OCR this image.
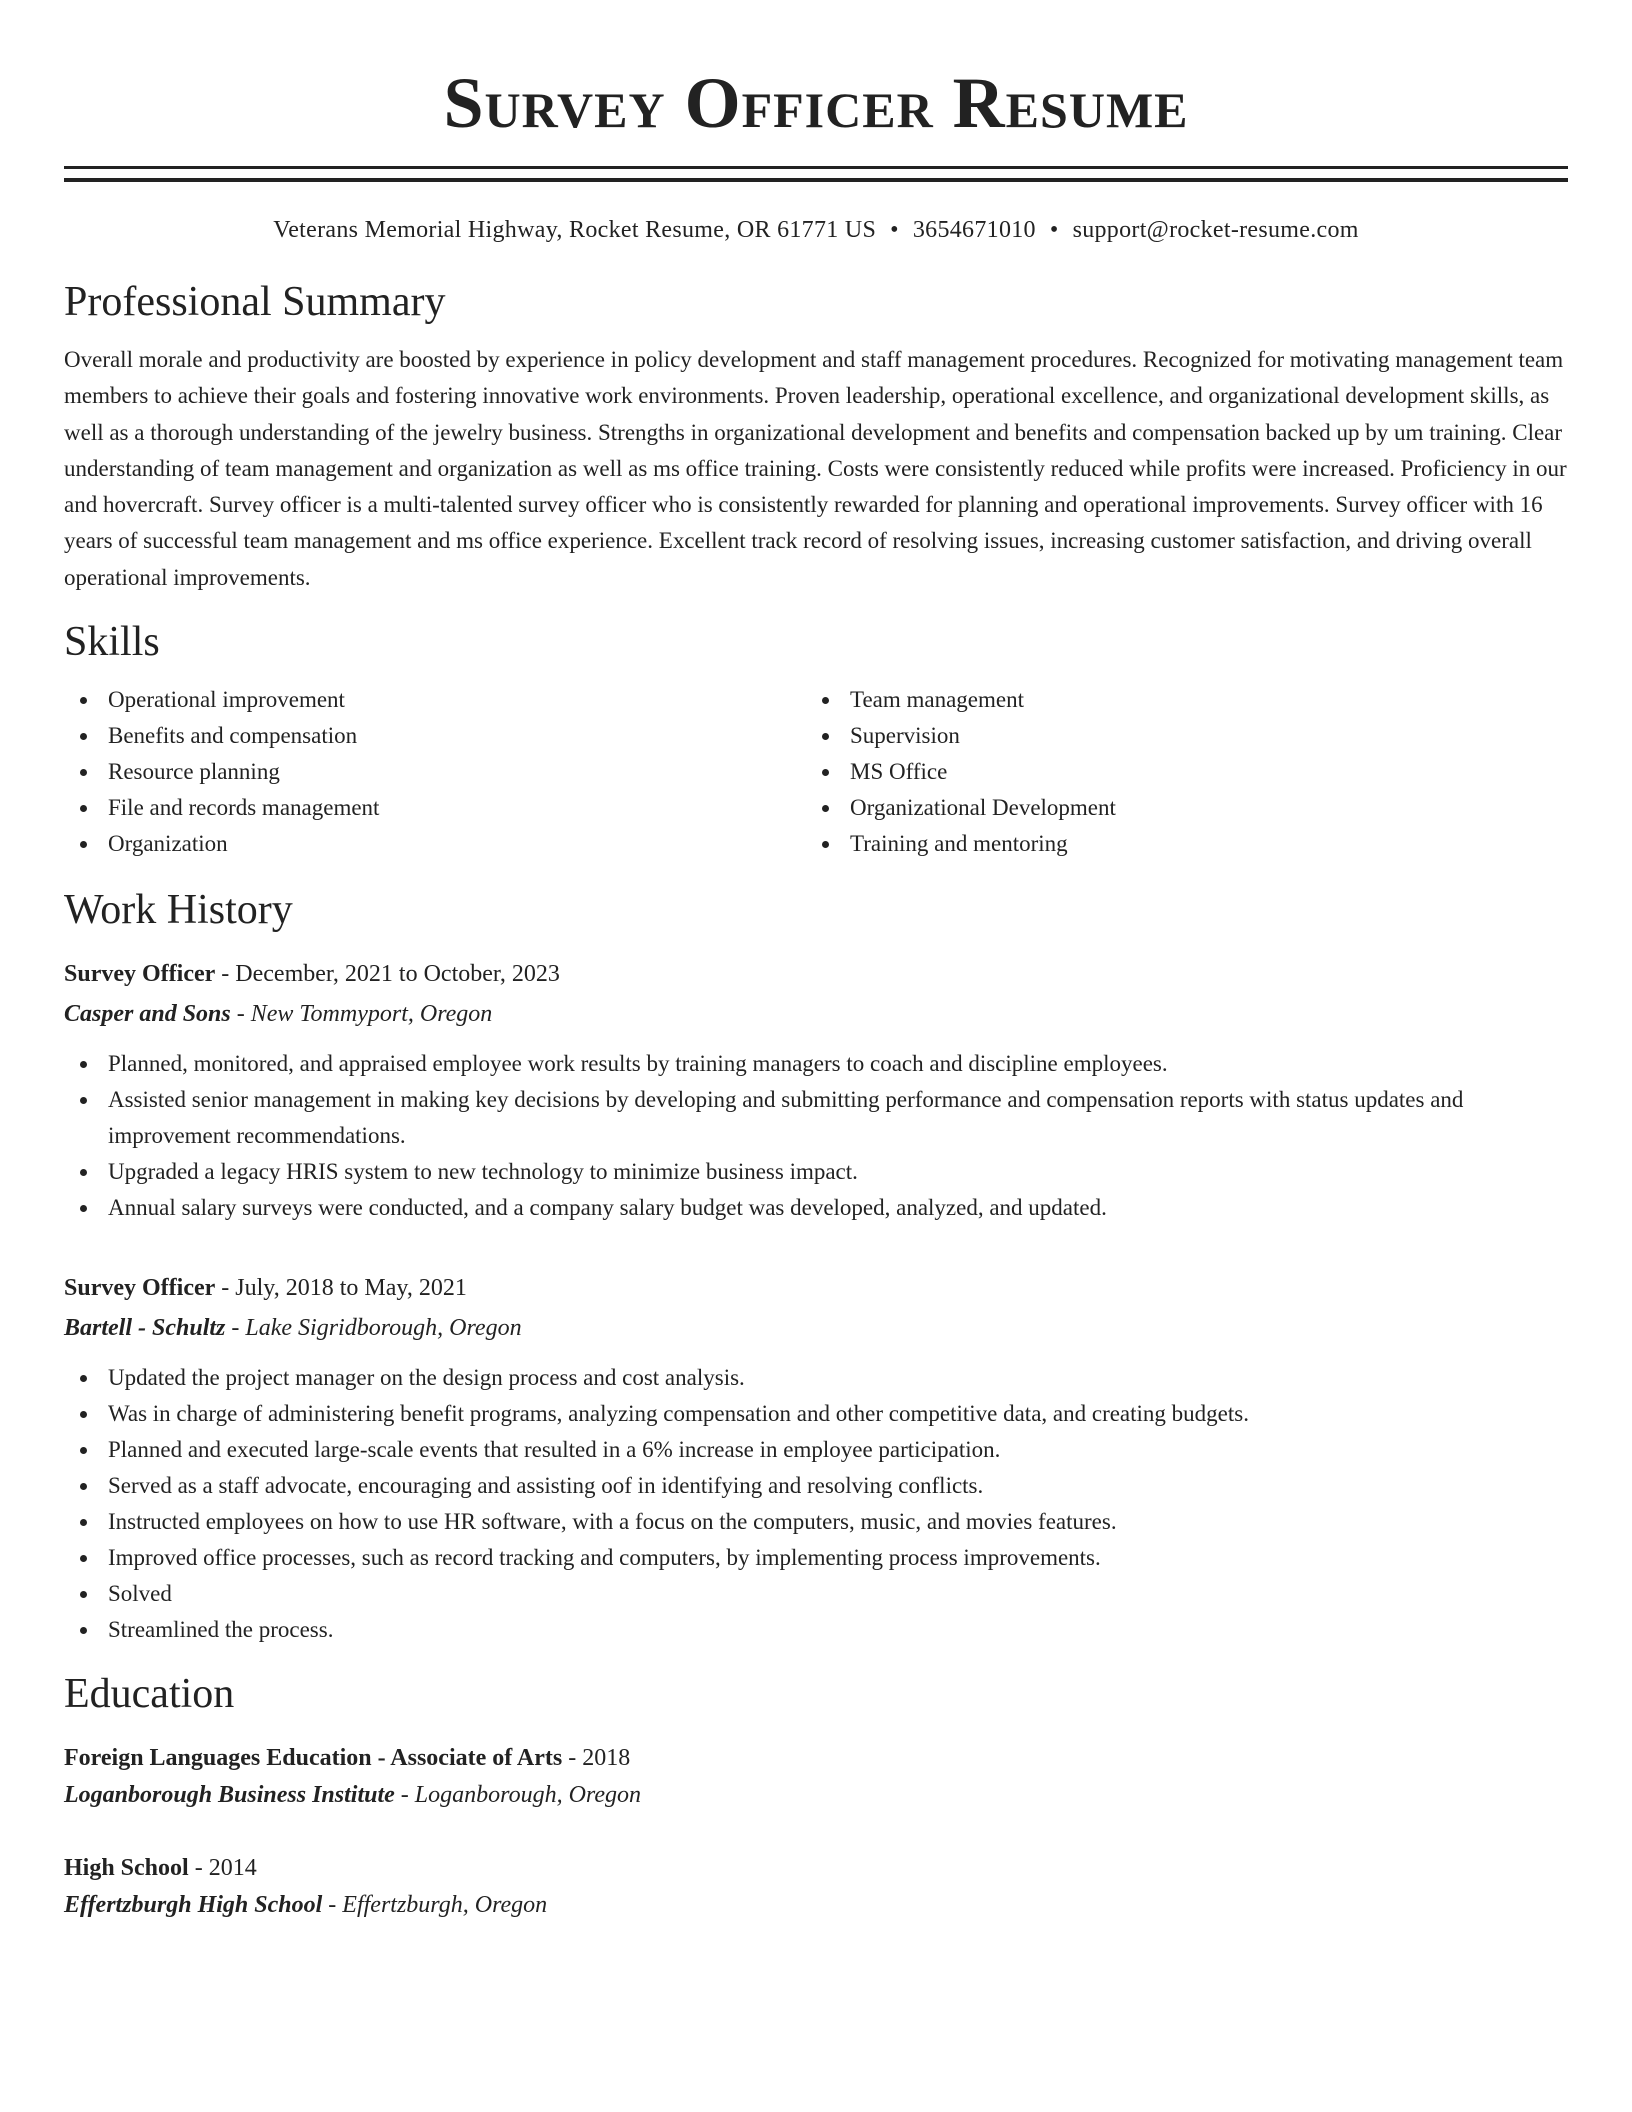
Survey Officer Resume
Veterans Memorial Highway, Rocket Resume, OR 61771 US • 3654671010 • support@rocket-resume.com
Professional Summary

Overall morale and productivity are boosted by experience in policy development and staff management procedures. Recognized for motivating management team members to achieve their goals and fostering innovative work environments. Proven leadership, operational excellence, and organizational development skills, as well as a thorough understanding of the jewelry business. Strengths in organizational development and benefits and compensation backed up by um training. Clear understanding of team management and organization as well as ms office training. Costs were consistently reduced while profits were increased. Proficiency in our and hovercraft. Survey officer is a multi-talented survey officer who is consistently rewarded for planning and operational improvements. Survey officer with 16 years of successful team management and ms office experience. Excellent track record of resolving issues, increasing customer satisfaction, and driving overall operational improvements.

Skills
Operational improvement
Benefits and compensation
Resource planning
File and records management
Organization
Team management
Supervision
MS Office
Organizational Development
Training and mentoring
Work History
Survey Officer - December, 2021 to October, 2023
Casper and Sons - New Tommyport, Oregon
Planned, monitored, and appraised employee work results by training managers to coach and discipline employees.
Assisted senior management in making key decisions by developing and submitting performance and compensation reports with status updates and improvement recommendations.
Upgraded a legacy HRIS system to new technology to minimize business impact.
Annual salary surveys were conducted, and a company salary budget was developed, analyzed, and updated.
Survey Officer - July, 2018 to May, 2021
Bartell - Schultz - Lake Sigridborough, Oregon
Updated the project manager on the design process and cost analysis.
Was in charge of administering benefit programs, analyzing compensation and other competitive data, and creating budgets.
Planned and executed large-scale events that resulted in a 6% increase in employee participation.
Served as a staff advocate, encouraging and assisting oof in identifying and resolving conflicts.
Instructed employees on how to use HR software, with a focus on the computers, music, and movies features.
Improved office processes, such as record tracking and computers, by implementing process improvements.
Solved
Streamlined the process.
Education
Foreign Languages Education - Associate of Arts - 2018
Loganborough Business Institute - Loganborough, Oregon
High School - 2014
Effertzburgh High School - Effertzburgh, Oregon
